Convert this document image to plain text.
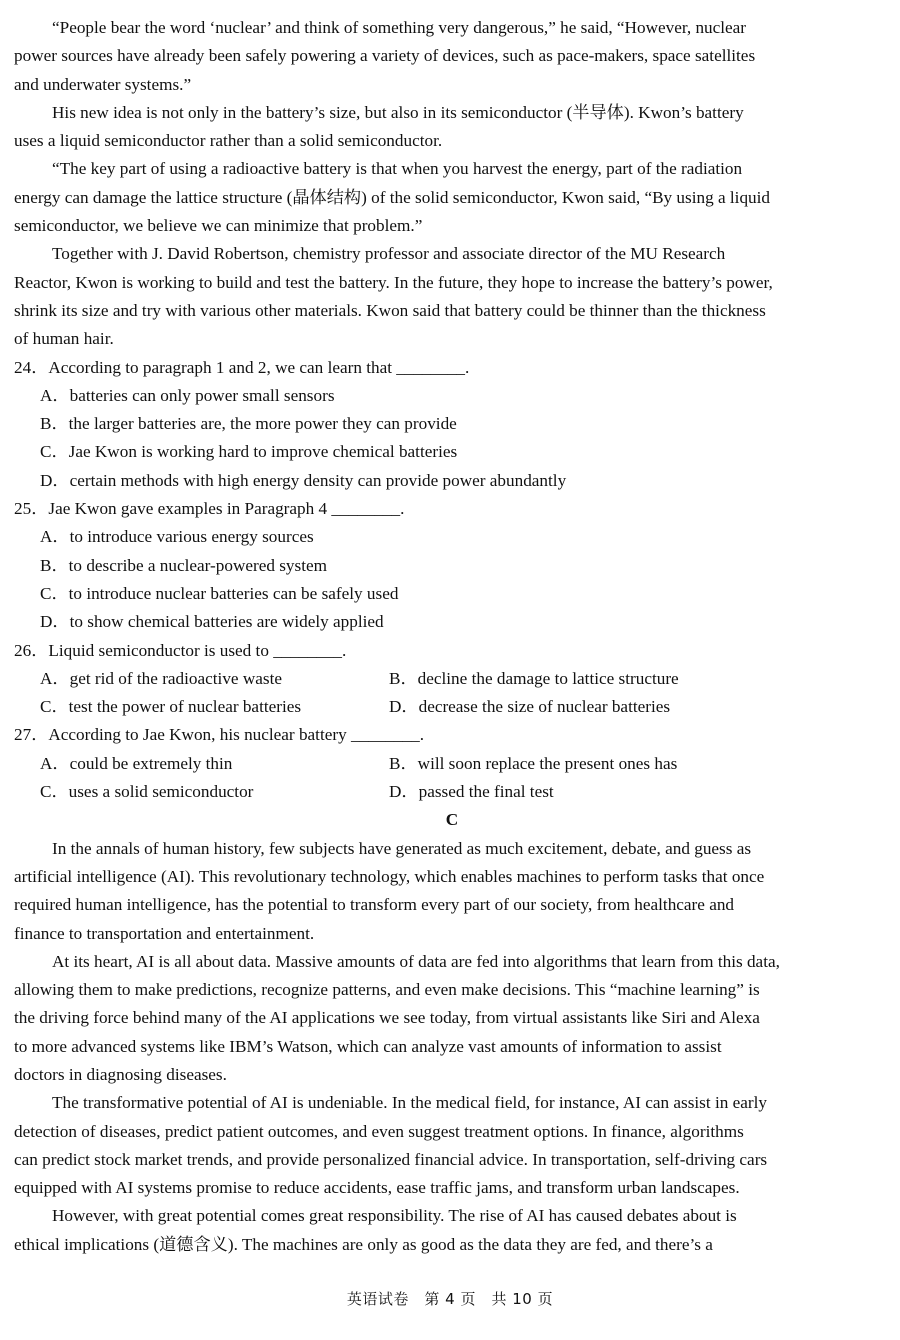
“People bear the word ‘nuclear’ and think of something very dangerous,” he said, “However, nuclear
power sources have already been safely powering a variety of devices, such as pace-makers, space satellites
and underwater systems.”
His new idea is not only in the battery’s size, but also in its semiconductor (半导体). Kwon’s battery
uses a liquid semiconductor rather than a solid semiconductor.
“The key part of using a radioactive battery is that when you harvest the energy, part of the radiation
energy can damage the lattice structure (晶体结构) of the solid semiconductor, Kwon said, “By using a liquid
semiconductor, we believe we can minimize that problem.”
Together with J. David Robertson, chemistry professor and associate director of the MU Research
Reactor, Kwon is working to build and test the battery. In the future, they hope to increase the battery’s power,
shrink its size and try with various other materials. Kwon said that battery could be thinner than the thickness
of human hair.
24．According to paragraph 1 and 2, we can learn that ________.
A．batteries can only power small sensors
B．the larger batteries are, the more power they can provide
C．Jae Kwon is working hard to improve chemical batteries
D．certain methods with high energy density can provide power abundantly
25．Jae Kwon gave examples in Paragraph 4 ________.
A．to introduce various energy sources
B．to describe a nuclear-powered system
C．to introduce nuclear batteries can be safely used
D．to show chemical batteries are widely applied
26．Liquid semiconductor is used to ________.
A．get rid of the radioactive waste	B．decline the damage to lattice structure
C．test the power of nuclear batteries	D．decrease the size of nuclear batteries
27．According to Jae Kwon, his nuclear battery ________.
A．could be extremely thin	B．will soon replace the present ones has
C．uses a solid semiconductor	D．passed the final test
C
In the annals of human history, few subjects have generated as much excitement, debate, and guess as
artificial intelligence (AI). This revolutionary technology, which enables machines to perform tasks that once
required human intelligence, has the potential to transform every part of our society, from healthcare and
finance to transportation and entertainment.
At its heart, AI is all about data. Massive amounts of data are fed into algorithms that learn from this data,
allowing them to make predictions, recognize patterns, and even make decisions. This “machine learning” is
the driving force behind many of the AI applications we see today, from virtual assistants like Siri and Alexa
to more advanced systems like IBM’s Watson, which can analyze vast amounts of information to assist
doctors in diagnosing diseases.
The transformative potential of AI is undeniable. In the medical field, for instance, AI can assist in early
detection of diseases, predict patient outcomes, and even suggest treatment options. In finance, algorithms
can predict stock market trends, and provide personalized financial advice. In transportation, self-driving cars
equipped with AI systems promise to reduce accidents, ease traffic jams, and transform urban landscapes.
However, with great potential comes great responsibility. The rise of AI has caused debates about is
ethical implications (道德含义). The machines are only as good as the data they are fed, and there’s a
英语试卷　第 4 页　共 10 页
